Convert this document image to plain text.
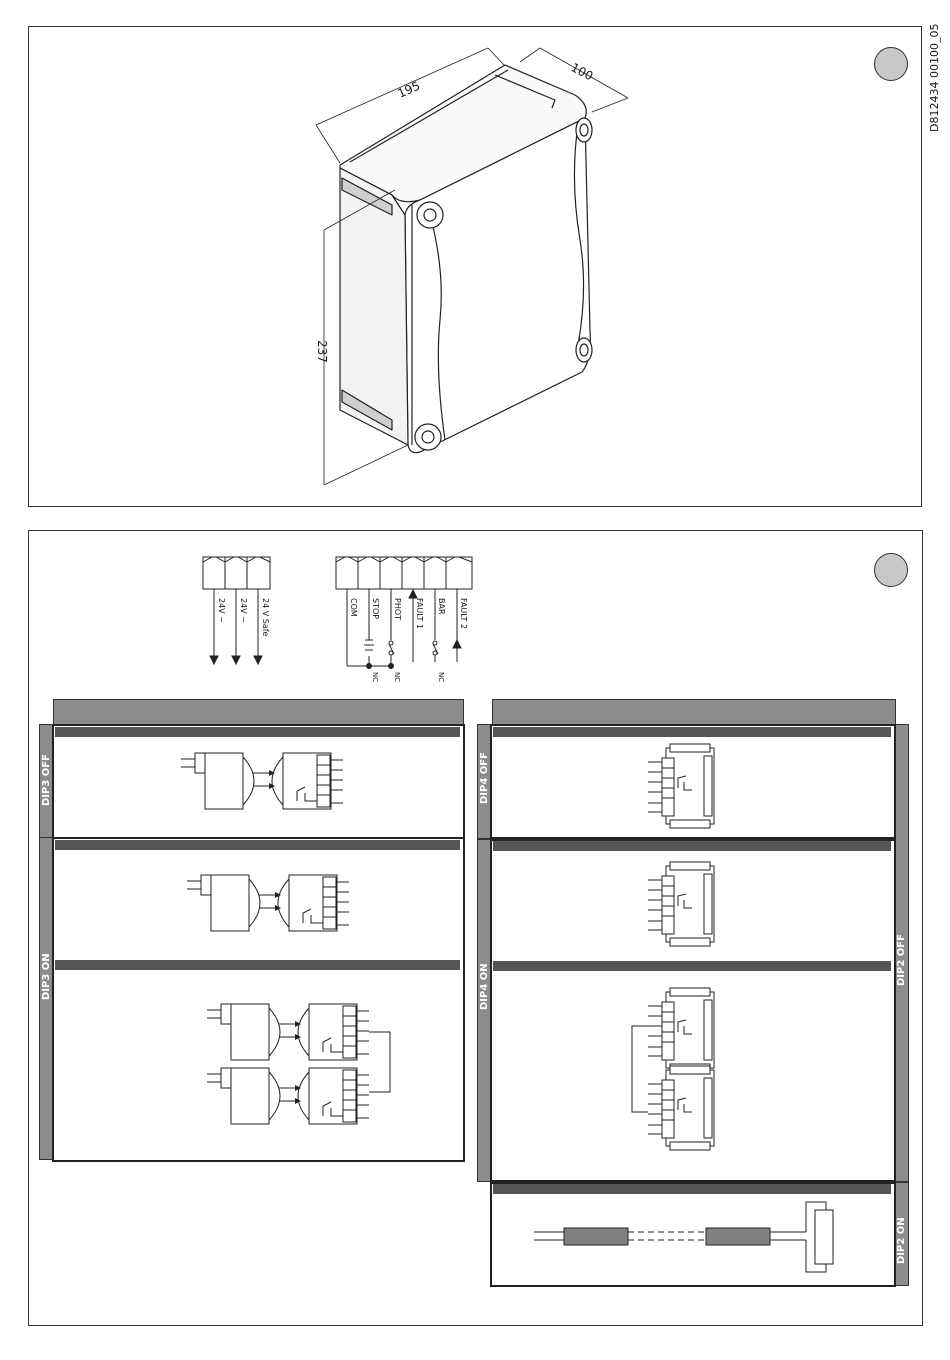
D812434 00100_05
195
100
237
24V ~ 24V ~ 24 V Safe	COM STOP PHOT FAULT 1 BAR FAULT 2
NC NC	NC
DIP3 OFF
DIP3 ON
DIP4 OFF
DIP4 ON
DIP2 OFF
DIP2 ON
